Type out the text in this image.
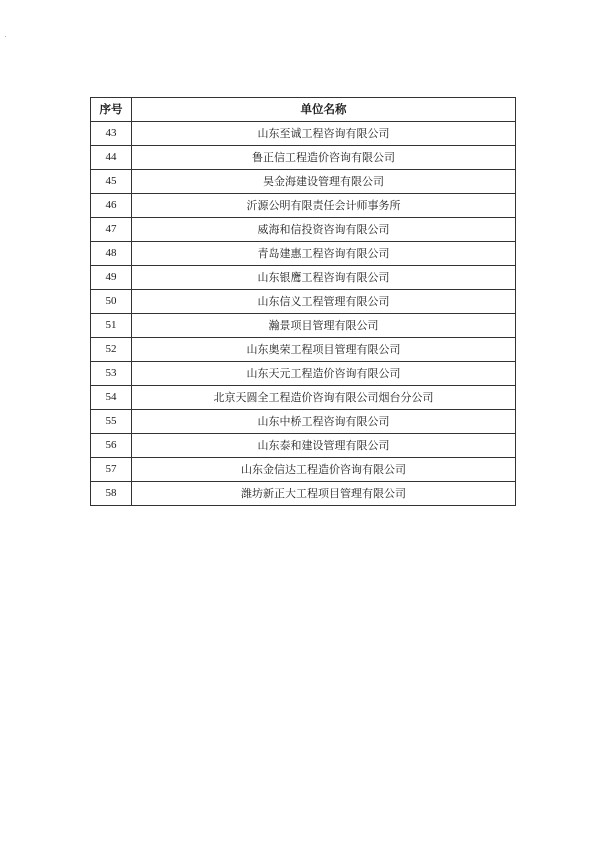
序号	单位名称
43	山东至诚工程咨询有限公司
44	鲁正信工程造价咨询有限公司
45	昊金海建设管理有限公司
46	沂源公明有限责任会计师事务所
47	威海和信投资咨询有限公司
48	青岛建惠工程咨询有限公司
49	山东银鹰工程咨询有限公司
50	山东信义工程管理有限公司
51	瀚景项目管理有限公司
52	山东奥荣工程项目管理有限公司
53	山东天元工程造价咨询有限公司
54	北京天圆全工程造价咨询有限公司烟台分公司
55	山东中桥工程咨询有限公司
56	山东泰和建设管理有限公司
57	山东金信达工程造价咨询有限公司
58	潍坊新正大工程项目管理有限公司
